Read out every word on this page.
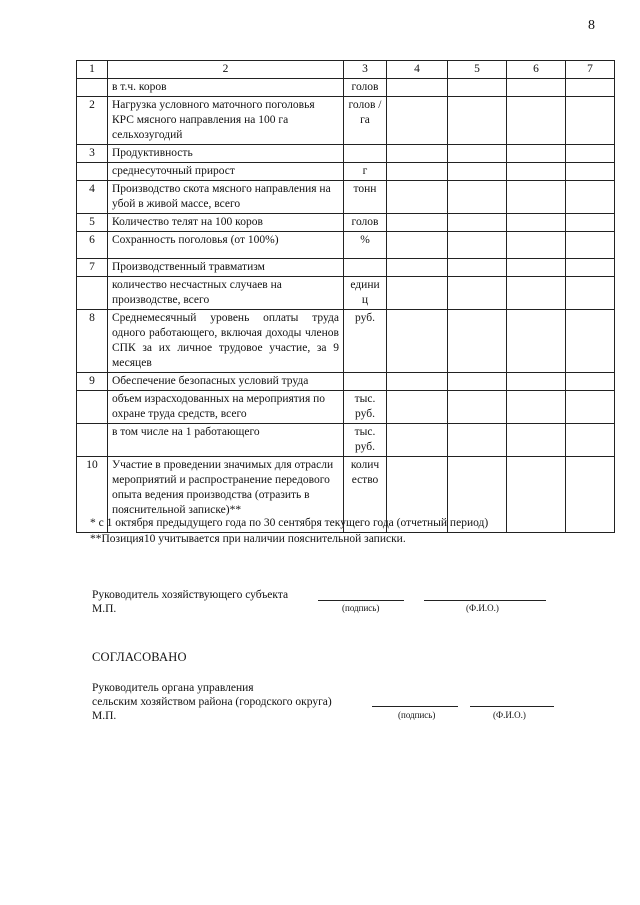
8
1	2	3	4	5	6	7
	в т.ч. коров	голов				
2	Нагрузка условного маточного поголовья КРС мясного направления на 100 га сельхозугодий	голов / га				
3	Продуктивность					
	среднесуточный прирост	г				
4	Производство скота мясного направления на убой в живой массе, всего	тонн				
5	Количество телят на 100 коров	голов				
6	Сохранность поголовья (от 100%)	%				
7	Производственный травматизм					
	количество несчастных случаев на производстве, всего	едини ц				
8	Среднемесячный уровень оплаты труда одного работающего, включая доходы членов СПК за их личное трудовое участие, за 9 месяцев	руб.				
9	Обеспечение безопасных условий труда					
	объем израсходованных на мероприятия по охране труда средств, всего	тыс. руб.				
	в том числе на 1 работающего	тыс. руб.				
10	Участие в проведении значимых для отрасли мероприятий и распространение передового опыта ведения производства (отразить в пояснительной записке)**	колич ество				
* с 1 октября предыдущего года по 30 сентября текущего года (отчетный период)
**Позиция10 учитывается при наличии пояснительной записки.
Руководитель хозяйствующего субъекта
М.П.	(подпись)	(Ф.И.О.)
СОГЛАСОВАНО
Руководитель органа управления
сельским хозяйством района (городского округа)
М.П.	(подпись)	(Ф.И.О.)
